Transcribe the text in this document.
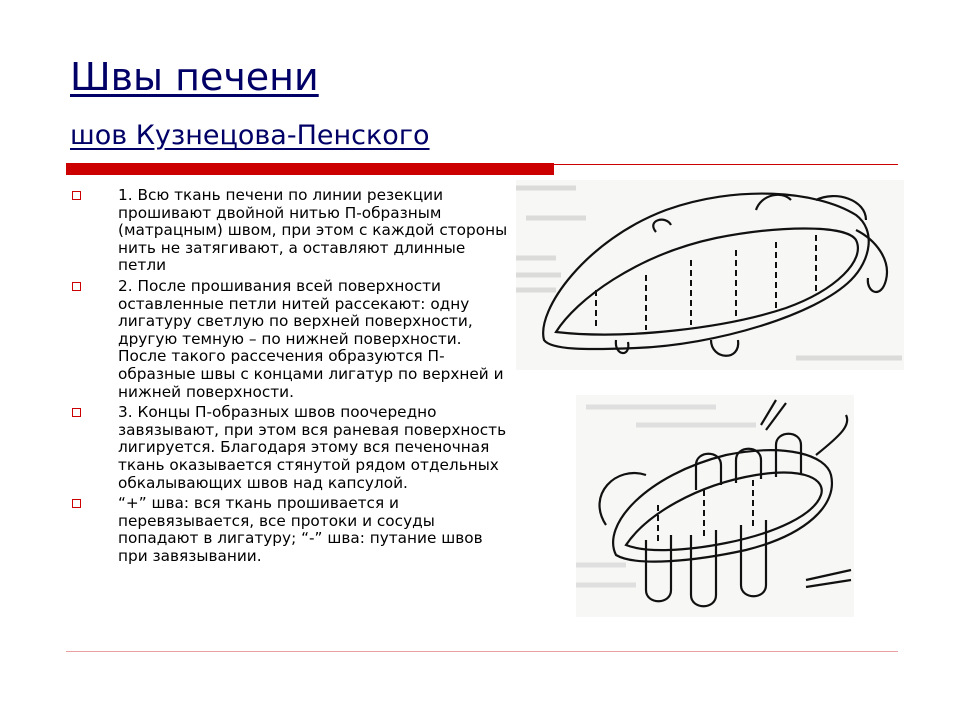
Швы печени
шов Кузнецова-Пенского
1. Всю ткань печени по линии резекции прошивают двойной нитью П-образным (матрацным) швом, при этом с каждой стороны нить не затягивают, а оставляют длинные петли
2. После прошивания всей поверхности оставленные петли нитей рассекают: одну лигатуру светлую по верхней поверхности, другую темную – по нижней поверхности. После такого рассечения образуются П-образные швы с концами лигатур по верхней и нижней поверхности.
3. Концы П-образных швов поочередно завязывают, при этом вся раневая поверхность лигируется. Благодаря этому вся печеночная ткань оказывается стянутой рядом отдельных обкалывающих швов над капсулой.
“+” шва: вся ткань прошивается и перевязывается, все протоки и сосуды попадают в лигатуру; “-” шва: путание швов при завязывании.
